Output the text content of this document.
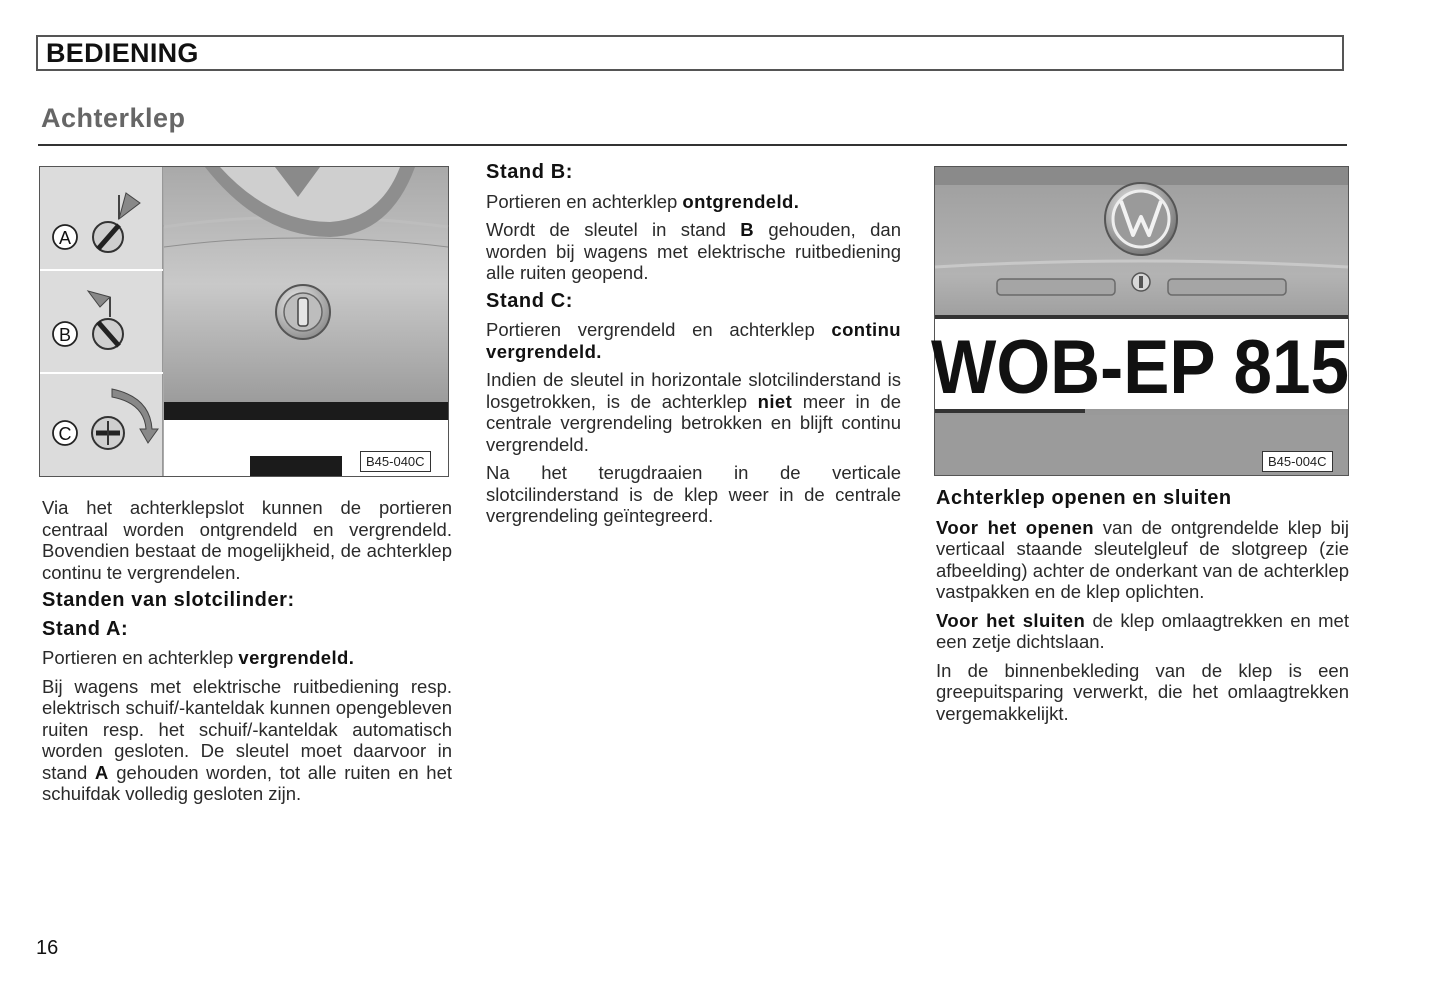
BEDIENING
Achterklep
A
B
C
B45-040C

Via het achterklepslot kunnen de portieren centraal worden ontgrendeld en vergrendeld. Bovendien bestaat de mogelijkheid, de achterklep continu te vergrendelen.

Standen van slotcilinder:
Stand A:

Portieren en achterklep vergrendeld.

Bij wagens met elektrische ruitbediening resp. elektrisch schuif/-kanteldak kunnen opengebleven ruiten resp. het schuif/-kanteldak automatisch worden gesloten. De sleutel moet daarvoor in stand A gehouden worden, tot alle ruiten en het schuifdak volledig gesloten zijn.

Stand B:

Portieren en achterklep ontgrendeld.

Wordt de sleutel in stand B gehouden, dan worden bij wagens met elektrische ruitbediening alle ruiten geopend.

Stand C:

Portieren vergrendeld en achterklep continu vergrendeld.

Indien de sleutel in horizontale slotcilinderstand is losgetrokken, is de achterklep niet meer in de centrale vergrendeling betrokken en blijft continu vergrendeld.

Na het terugdraaien in de verticale slotcilinderstand is de klep weer in de centrale vergrendeling geïntegreerd.

WOB-EP 815
B45-004C
Achterklep openen en sluiten

Voor het openen van de ontgrendelde klep bij verticaal staande sleutelgleuf de slotgreep (zie afbeelding) achter de onderkant van de achterklep vastpakken en de klep oplichten.

Voor het sluiten de klep omlaagtrekken en met een zetje dichtslaan.

In de binnenbekleding van de klep is een greepuitsparing verwerkt, die het omlaagtrekken vergemakkelijkt.

16
